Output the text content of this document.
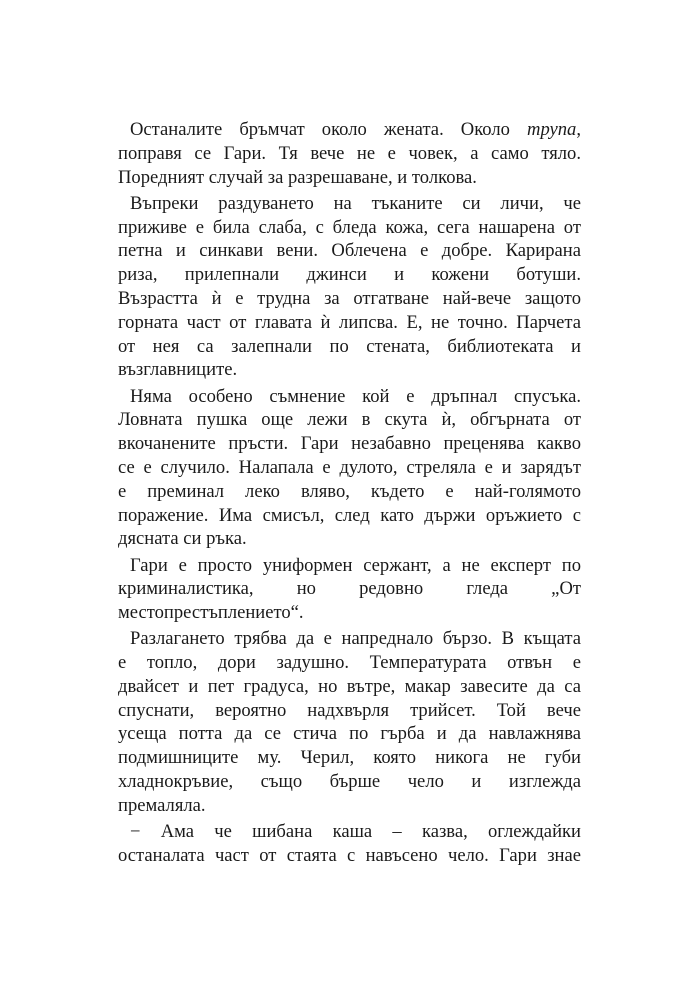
Останалите бръмчат около жената. Около трупа,
поправя се Гари. Тя вече не е човек, а само тяло.
Поредният случай за разрешаване, и толкова.
Въпреки раздуването на тъканите си личи, че
приживе е била слаба, с бледа кожа, сега нашарена от
петна и синкави вени. Облечена е добре. Карирана
риза, прилепнали джинси и кожени ботуши.
Възрастта ѝ е трудна за отгатване най-вече защото
горната част от главата ѝ липсва. Е, не точно. Парчета
от нея са залепнали по стената, библиотеката и
възглавниците.
Няма особено съмнение кой е дръпнал спусъка.
Ловната пушка още лежи в скута ѝ, обгърната от
вкочанените пръсти. Гари незабавно преценява какво
се е случило. Налапала е дулото, стреляла е и зарядът
е преминал леко вляво, където е най-голямото
поражение. Има смисъл, след като държи оръжието с
дясната си ръка.
Гари е просто униформен сержант, а не експерт по
криминалистика, но редовно гледа „От
местопрестъплението“.
Разлагането трябва да е напреднало бързо. В къщата
е топло, дори задушно. Температурата отвън е
двайсет и пет градуса, но вътре, макар завесите да са
спуснати, вероятно надхвърля трийсет. Той вече
усеща потта да се стича по гърба и да навлажнява
подмишниците му. Черил, която никога не губи
хладнокръвие, също бърше чело и изглежда
премаляла.
− Ама че шибана каша – казва, оглеждайки
останалата част от стаята с навъсено чело. Гари знае
